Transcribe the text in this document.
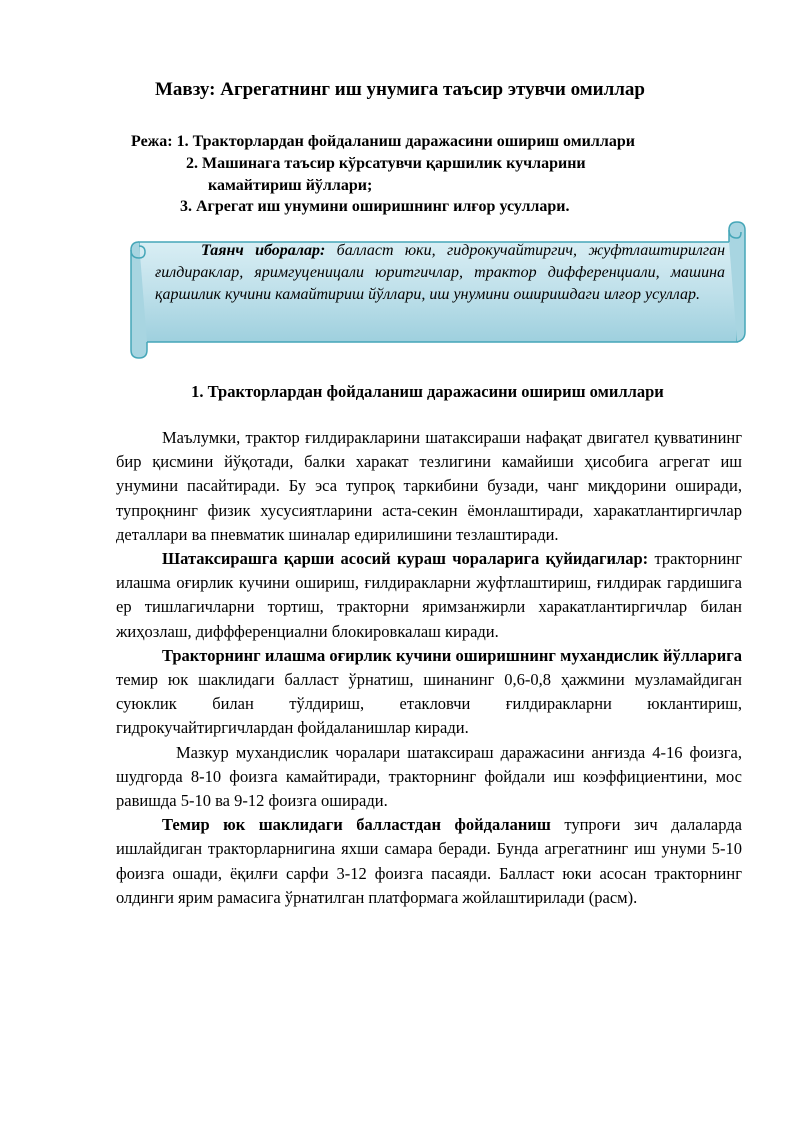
Мавзу: Агрегатнинг иш унумига таъсир этувчи омиллар
Режа: 1. Тракторлардан фойдаланиш даражасини ошириш омиллари
2. Машинага таъсир кўрсатувчи қаршилик кучларини
камайтириш йўллари;
3. Агрегат иш унумини оширишнинг илғор усуллари.
Таянч иборалар: балласт юки, гидрокучайтиргич, жуфтлаштирилган ғилдираклар, яримгуценицали юритгичлар, трактор дифференциали, машина қаршилик кучини камайтириш йўллари, иш унумини оширишдаги илғор усуллар.
1. Тракторлардан фойдаланиш даражасини ошириш омиллари

Маълумки, трактор ғилдиракларини шатаксираши нафақат двигател қувватининг бир қисмини йўқотади, балки харакат тезлигини камайиши ҳисобига агрегат иш унумини пасайтиради. Бу эса тупроқ таркибини бузади, чанг миқдорини оширади, тупроқнинг физик хусусиятларини аста-секин ёмонлаштиради, харакатлантиргичлар деталлари ва пневматик шиналар едирилишини тезлаштиради.

Шатаксирашга қарши асосий кураш чораларига қуйидагилар: тракторнинг илашма оғирлик кучини ошириш, ғилдиракларни жуфтлаштириш, ғилдирак гардишига ер тишлагичларни тортиш, тракторни яримзанжирли харакатлантиргичлар билан жиҳозлаш, диффференциални блокировкалаш киради.

Тракторнинг илашма оғирлик кучини оширишнинг мухандислик йўлларига темир юк шаклидаги балласт ўрнатиш, шинанинг 0,6-0,8 ҳажмини музламайдиган суюклик билан тўлдириш, етакловчи ғилдиракларни юклантириш, гидрокучайтиргичлардан фойдаланишлар киради.

Мазкур мухандислик чоралари шатаксираш даражасини анғизда 4-16 фоизга, шудгорда 8-10 фоизга камайтиради, тракторнинг фойдали иш коэффициентини, мос равишда 5-10 ва 9-12 фоизга оширади.

Темир юк шаклидаги балластдан фойдаланиш тупроғи зич далаларда ишлайдиган тракторларнигина яхши самара беради. Бунда агрегатнинг иш унуми 5-10 фоизга ошади, ёқилғи сарфи 3-12 фоизга пасаяди. Балласт юки асосан тракторнинг олдинги ярим рамасига ўрнатилган платформага жойлаштирилади (расм).
